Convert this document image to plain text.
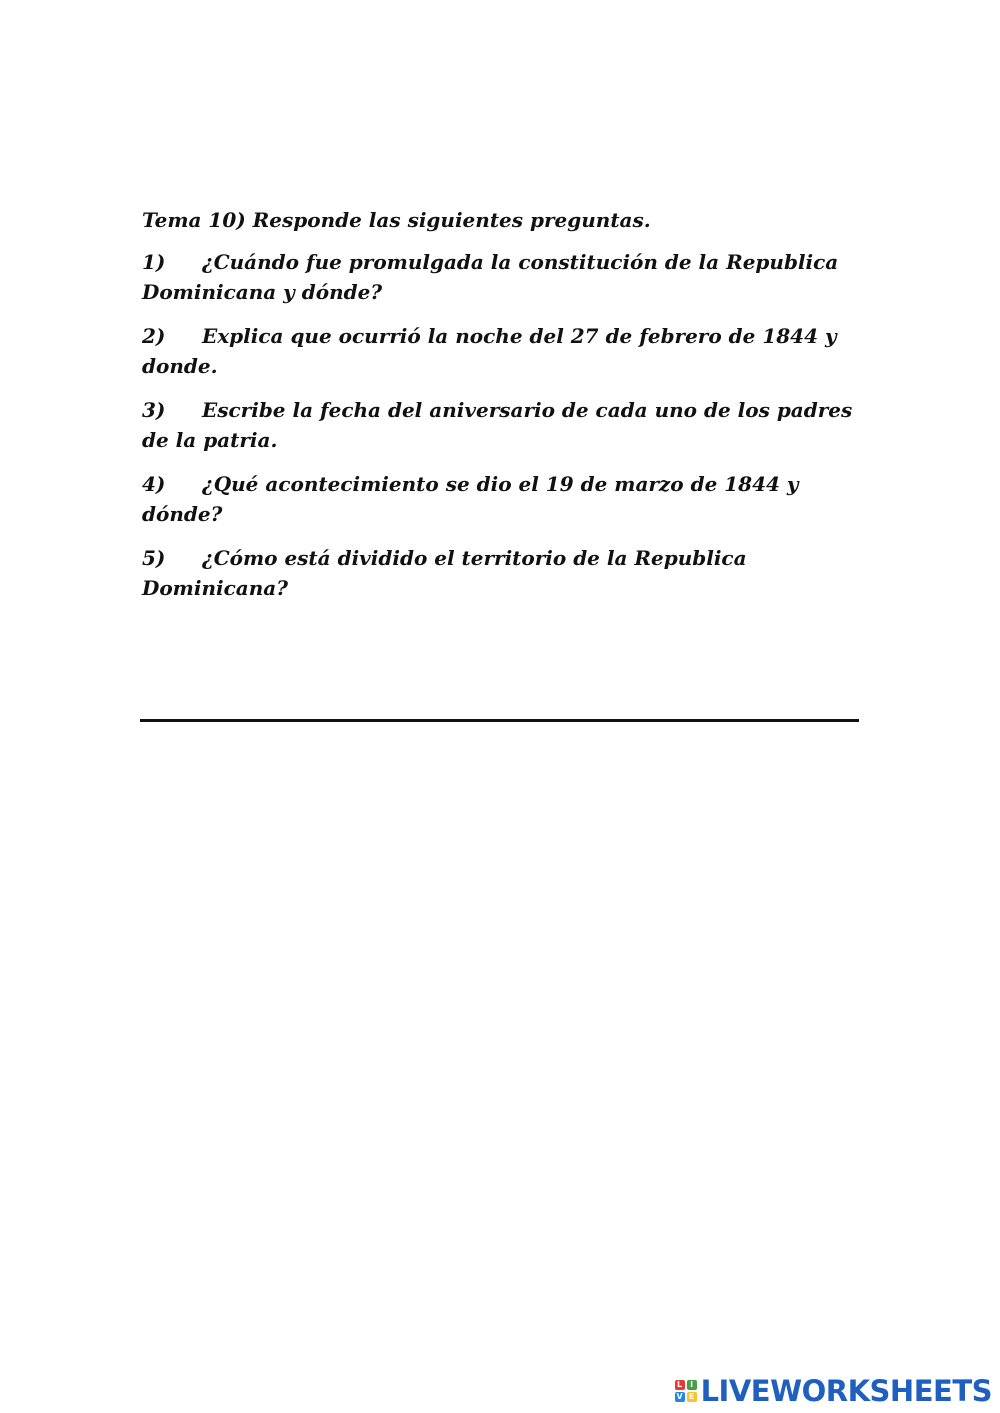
Tema 10) Responde las siguientes preguntas.

1) ¿Cuándo fue promulgada la constitución de la Republica Dominicana y dónde?

2) Explica que ocurrió la noche del 27 de febrero de 1844 y donde.

3) Escribe la fecha del aniversario de cada uno de los padres de la patria.

4) ¿Qué acontecimiento se dio el 19 de marzo de 1844 y dónde?

5) ¿Cómo está dividido el territorio de la Republica Dominicana?

L I
V E LIVEWORKSHEETS
